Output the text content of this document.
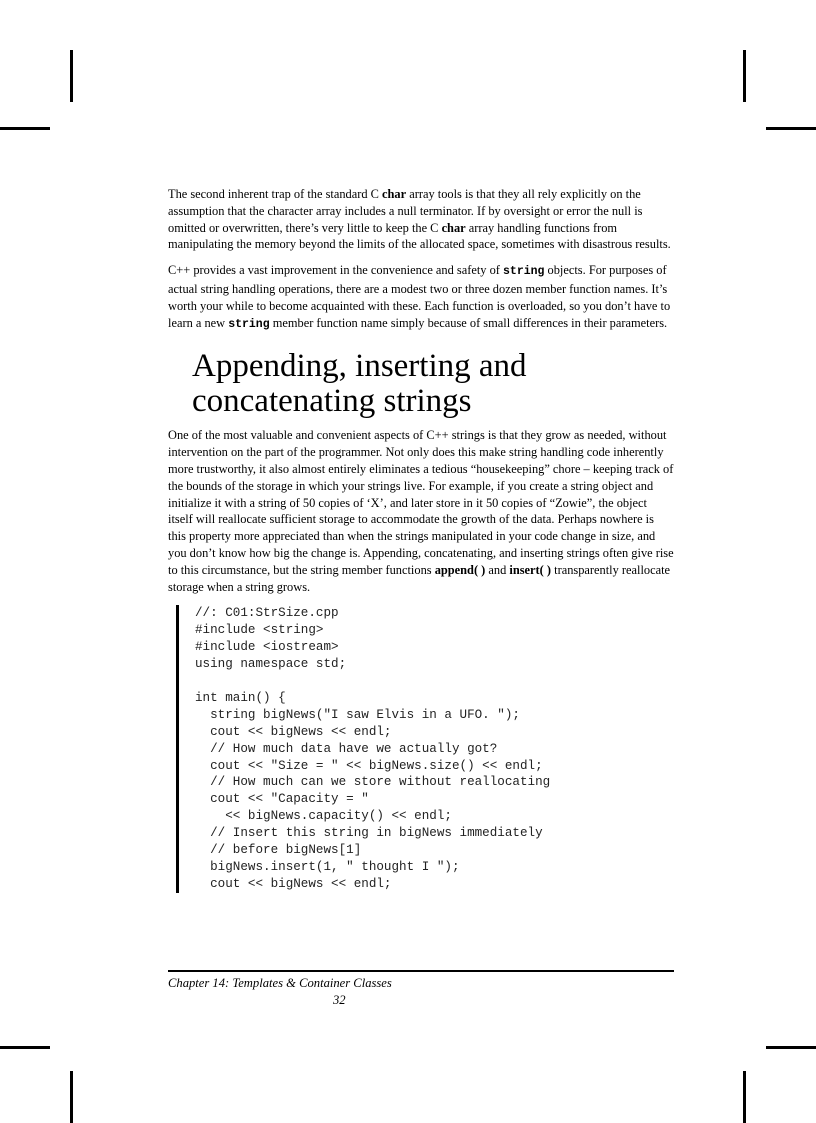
The second inherent trap of the standard C char array tools is that they all rely explicitly on the assumption that the character array includes a null terminator. If by oversight or error the null is omitted or overwritten, there’s very little to keep the C char array handling functions from manipulating the memory beyond the limits of the allocated space, sometimes with disastrous results.

C++ provides a vast improvement in the convenience and safety of string objects. For purposes of actual string handling operations, there are a modest two or three dozen member function names. It’s worth your while to become acquainted with these. Each function is overloaded, so you don’t have to learn a new string member function name simply because of small differences in their parameters.

Appending, inserting and concatenating strings

One of the most valuable and convenient aspects of C++ strings is that they grow as needed, without intervention on the part of the programmer. Not only does this make string handling code inherently more trustworthy, it also almost entirely eliminates a tedious “housekeeping” chore – keeping track of the bounds of the storage in which your strings live. For example, if you create a string object and initialize it with a string of 50 copies of ‘X’, and later store in it 50 copies of “Zowie”, the object itself will reallocate sufficient storage to accommodate the growth of the data. Perhaps nowhere is this property more appreciated than when the strings manipulated in your code change in size, and you don’t know how big the change is. Appending, concatenating, and inserting strings often give rise to this circumstance, but the string member functions append( ) and insert( ) transparently reallocate storage when a string grows.

//: C01:StrSize.cpp
#include <string>
#include <iostream>
using namespace std;

int main() {
string bigNews("I saw Elvis in a UFO. ");
cout << bigNews << endl;
// How much data have we actually got?
cout << "Size = " << bigNews.size() << endl;
// How much can we store without reallocating
cout << "Capacity = "
<< bigNews.capacity() << endl;
// Insert this string in bigNews immediately
// before bigNews[1]
bigNews.insert(1, " thought I ");
cout << bigNews << endl;
Chapter 14: Templates & Container Classes
32
